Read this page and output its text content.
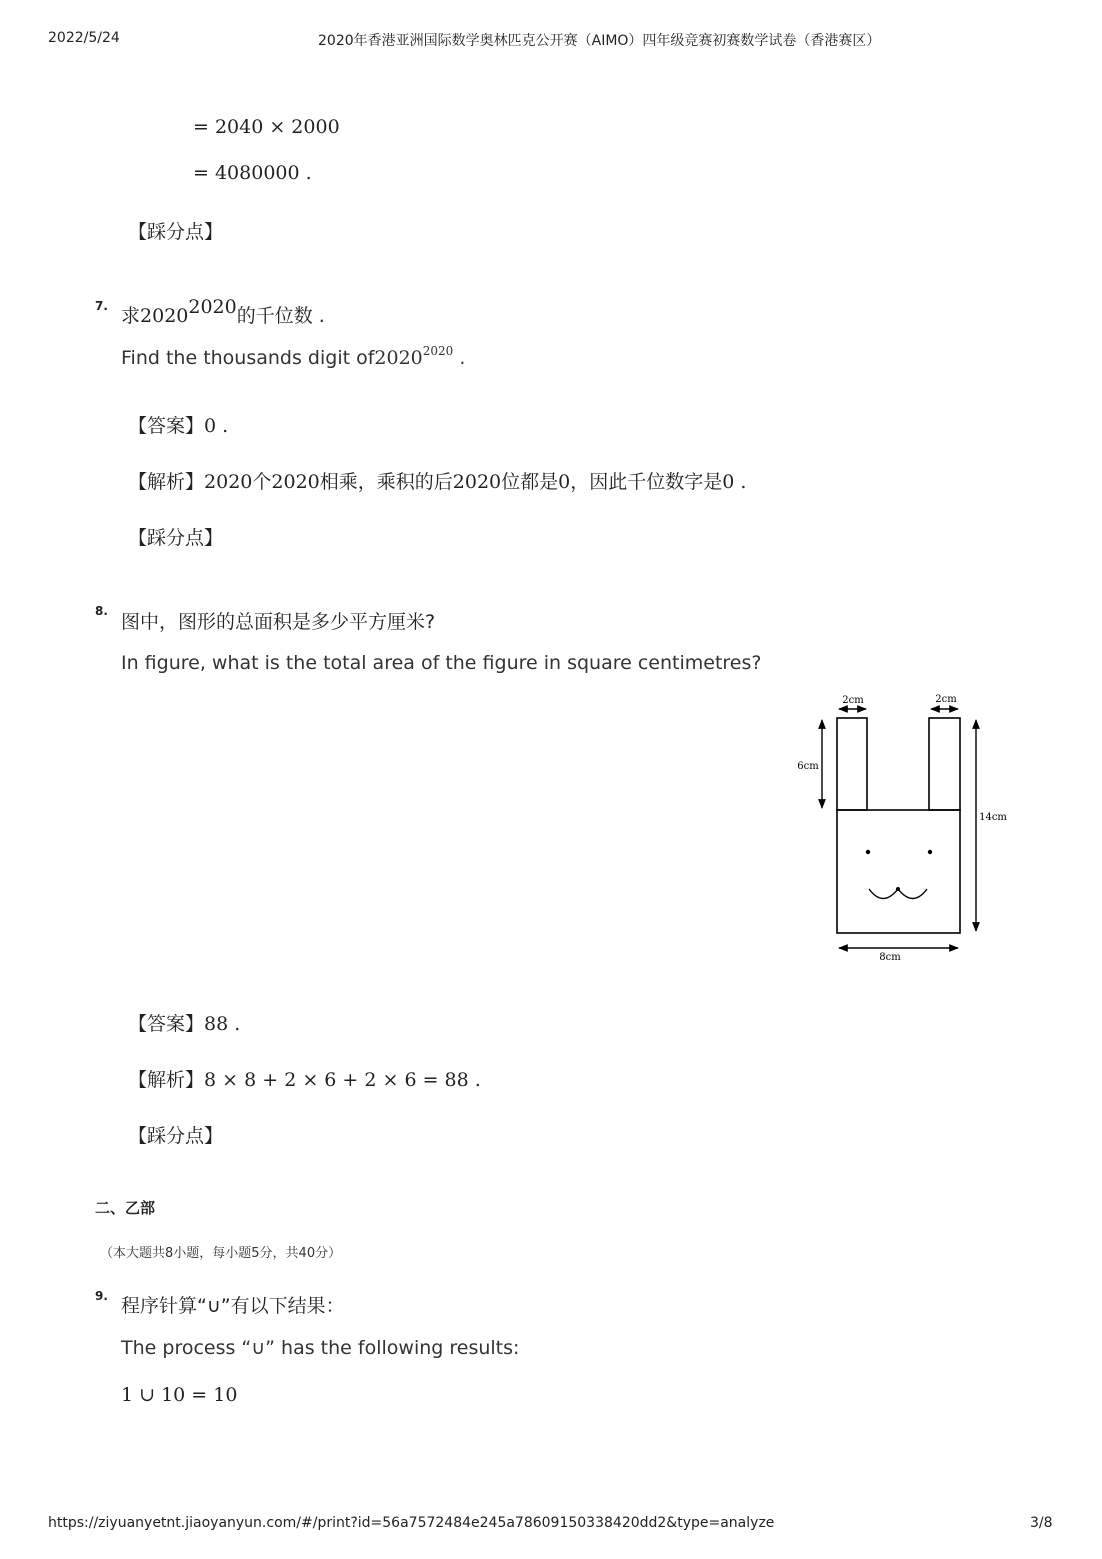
2022/5/24	2020年香港亚洲国际数学奥林匹克公开赛（AIMO）四年级竞赛初赛数学试卷（香港赛区）
= 2040 × 2000
= 4080000 .
【踩分点】
7. 求$2020^{2020}$的千位数 .
Find the thousands digit $of2020^{2020}$ .
【答案】0 .
【解析】2020个2020相乘，乘积的后2020位都是0，因此千位数字是0 .
【踩分点】
8. 图中，图形的总面积是多少平方厘米?
In figure, what is the total area of the figure in square centimetres?
2cm	2cm
6cm
14cm
8cm
【答案】88 .
【解析】8 × 8 + 2 × 6 + 2 × 6 = 88 .
【踩分点】
二、乙部
（本大题共8小题，每小题5分，共40分）
9. 程序针算“∪”有以下结果：
The process “∪” has the following results:
1 ∪ 10 = 10
https://ziyuanyetnt.jiaoyanyun.com/#/print?id=56a7572484e245a78609150338420dd2&type=analyze	3/8
